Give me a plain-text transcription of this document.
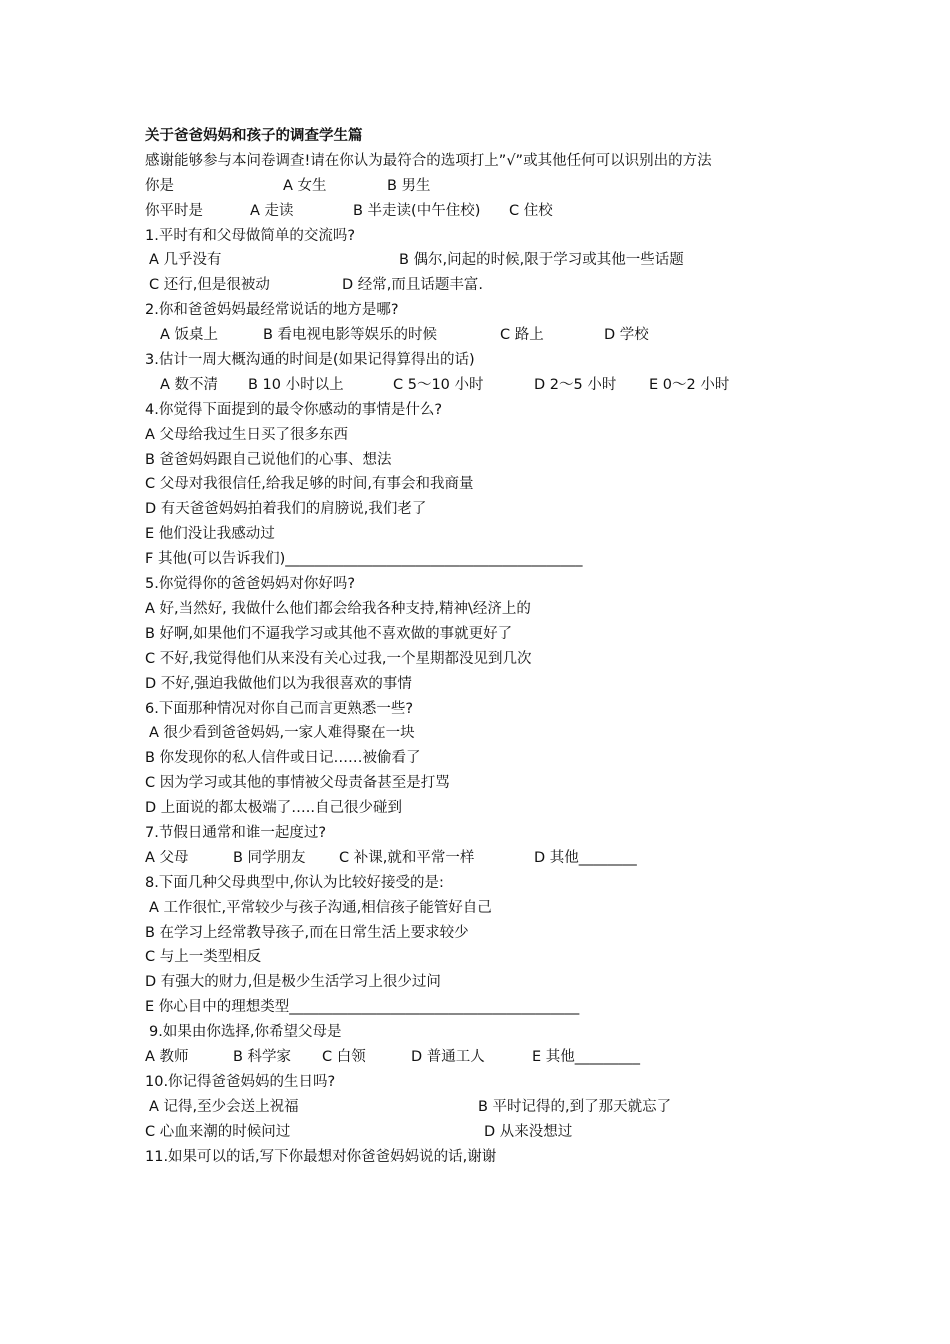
关于爸爸妈妈和孩子的调查学生篇
感谢能够参与本问卷调查!请在你认为最符合的选项打上”√”或其他任何可以识别出的方法
你是	A 女生	B 男生
你平时是	A 走读	B 半走读(中午住校) C 住校
1.平时有和父母做简单的交流吗?
A 几乎没有	B 偶尔,问起的时候,限于学习或其他一些话题
C 还行,但是很被动	D 经常,而且话题丰富.
2.你和爸爸妈妈最经常说话的地方是哪?
A 饭桌上	B 看电视电影等娱乐的时候	C 路上	D 学校
3.估计一周大概沟通的时间是(如果记得算得出的话)
A 数不清 B 10 小时以上	C 5～10 小时	D 2～5 小时 E 0～2 小时
4.你觉得下面提到的最令你感动的事情是什么?
A 父母给我过生日买了很多东西
B 爸爸妈妈跟自己说他们的心事、想法
C 父母对我很信任,给我足够的时间,有事会和我商量
D 有天爸爸妈妈拍着我们的肩膀说,我们老了
E 他们没让我感动过
F 其他(可以告诉我们)_________________________________________
5.你觉得你的爸爸妈妈对你好吗?
A 好,当然好, 我做什么他们都会给我各种支持,精神\经济上的
B 好啊,如果他们不逼我学习或其他不喜欢做的事就更好了
C 不好,我觉得他们从来没有关心过我,一个星期都没见到几次
D 不好,强迫我做他们以为我很喜欢的事情
6.下面那种情况对你自己而言更熟悉一些?
A 很少看到爸爸妈妈,一家人难得聚在一块
B 你发现你的私人信件或日记……被偷看了
C 因为学习或其他的事情被父母责备甚至是打骂
D 上面说的都太极端了…..自己很少碰到
7.节假日通常和谁一起度过?
A 父母	B 同学朋友 C 补课,就和平常一样	D 其他________
8.下面几种父母典型中,你认为比较好接受的是:
A 工作很忙,平常较少与孩子沟通,相信孩子能管好自己
B 在学习上经常教导孩子,而在日常生活上要求较少
C 与上一类型相反
D 有强大的财力,但是极少生活学习上很少过问
E 你心目中的理想类型________________________________________
9.如果由你选择,你希望父母是
A 教师	B 科学家 C 白领	D 普通工人	E 其他_________
10.你记得爸爸妈妈的生日吗?
A 记得,至少会送上祝福	B 平时记得的,到了那天就忘了
C 心血来潮的时候问过	D 从来没想过
11.如果可以的话,写下你最想对你爸爸妈妈说的话,谢谢
